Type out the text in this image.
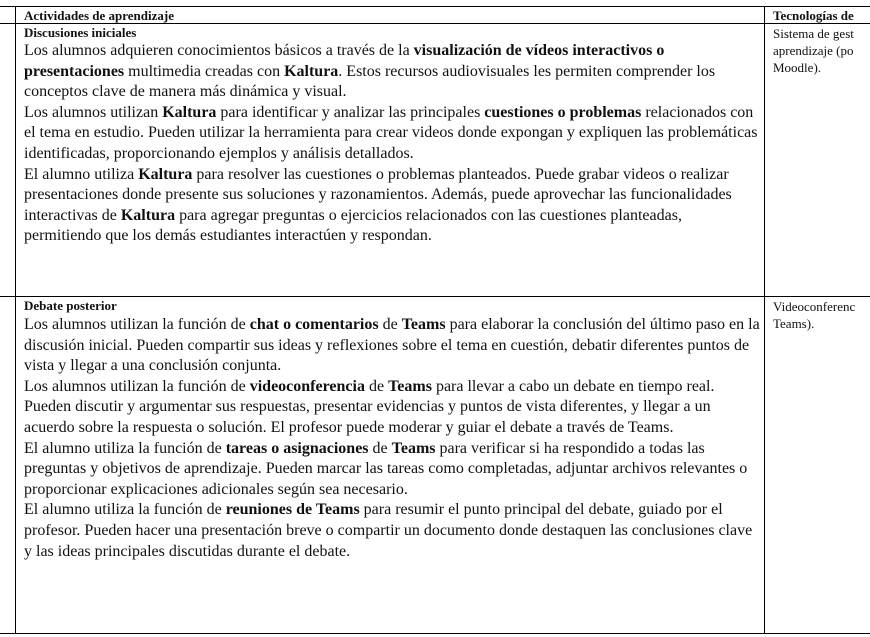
Actividades de aprendizaje	Tecnologías de
Discusiones iniciales
Los alumnos adquieren conocimientos básicos a través de la visualización de vídeos interactivos o presentaciones multimedia creadas con Kaltura. Estos recursos audiovisuales les permiten comprender los conceptos clave de manera más dinámica y visual.
Los alumnos utilizan Kaltura para identificar y analizar las principales cuestiones o problemas relacionados con el tema en estudio. Pueden utilizar la herramienta para crear videos donde expongan y expliquen las problemáticas identificadas, proporcionando ejemplos y análisis detallados.
El alumno utiliza Kaltura para resolver las cuestiones o problemas planteados. Puede grabar videos o realizar presentaciones donde presente sus soluciones y razonamientos. Además, puede aprovechar las funcionalidades interactivas de Kaltura para agregar preguntas o ejercicios relacionados con las cuestiones planteadas, permitiendo que los demás estudiantes interactúen y respondan.
Sistema de gest aprendizaje (po Moodle).
Debate posterior
Los alumnos utilizan la función de chat o comentarios de Teams para elaborar la conclusión del último paso en la discusión inicial. Pueden compartir sus ideas y reflexiones sobre el tema en cuestión, debatir diferentes puntos de vista y llegar a una conclusión conjunta.
Los alumnos utilizan la función de videoconferencia de Teams para llevar a cabo un debate en tiempo real. Pueden discutir y argumentar sus respuestas, presentar evidencias y puntos de vista diferentes, y llegar a un acuerdo sobre la respuesta o solución. El profesor puede moderar y guiar el debate a través de Teams.
El alumno utiliza la función de tareas o asignaciones de Teams para verificar si ha respondido a todas las preguntas y objetivos de aprendizaje. Pueden marcar las tareas como completadas, adjuntar archivos relevantes o proporcionar explicaciones adicionales según sea necesario.
El alumno utiliza la función de reuniones de Teams para resumir el punto principal del debate, guiado por el profesor. Pueden hacer una presentación breve o compartir un documento donde destaquen las conclusiones clave y las ideas principales discutidas durante el debate.
Videoconferenc Teams).
